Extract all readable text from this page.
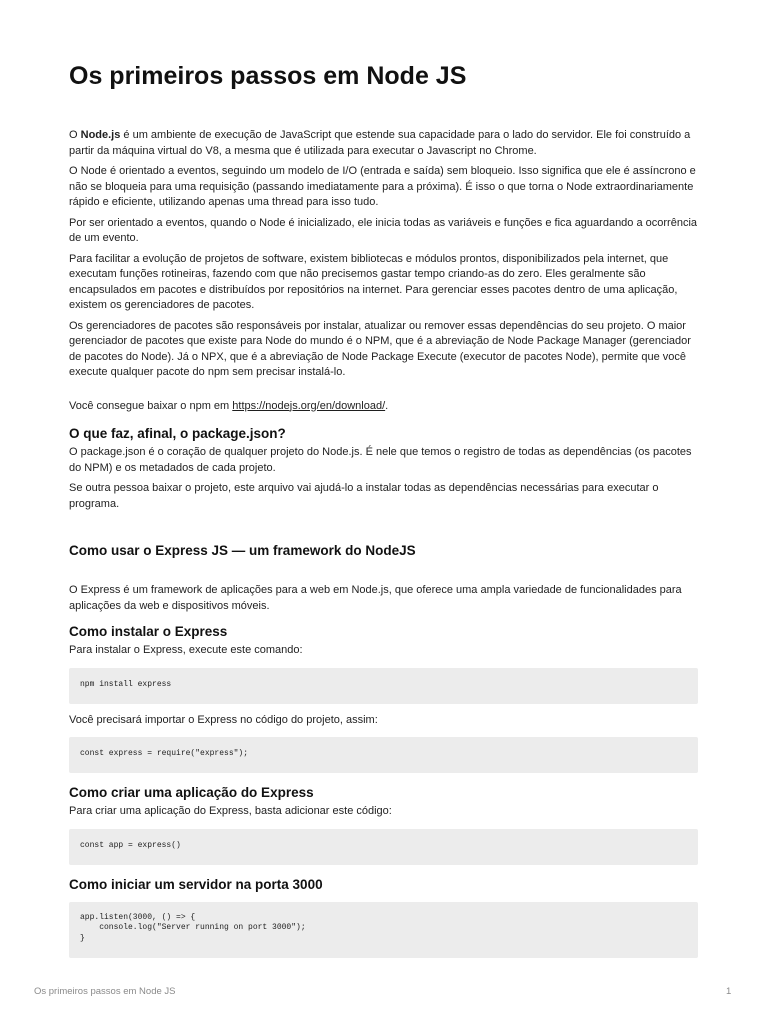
Os primeiros passos em Node JS

O Node.js é um ambiente de execução de JavaScript que estende sua capacidade para o lado do servidor. Ele foi construído a partir da máquina virtual do V8, a mesma que é utilizada para executar o Javascript no Chrome.

O Node é orientado a eventos, seguindo um modelo de I/O (entrada e saída) sem bloqueio. Isso significa que ele é assíncrono e não se bloqueia para uma requisição (passando imediatamente para a próxima). É isso o que torna o Node extraordinariamente rápido e eficiente, utilizando apenas uma thread para isso tudo.

Por ser orientado a eventos, quando o Node é inicializado, ele inicia todas as variáveis e funções e fica aguardando a ocorrência de um evento.

Para facilitar a evolução de projetos de software, existem bibliotecas e módulos prontos, disponibilizados pela internet, que executam funções rotineiras, fazendo com que não precisemos gastar tempo criando-as do zero. Eles geralmente são encapsulados em pacotes e distribuídos por repositórios na internet. Para gerenciar esses pacotes dentro de uma aplicação, existem os gerenciadores de pacotes.

Os gerenciadores de pacotes são responsáveis por instalar, atualizar ou remover essas dependências do seu projeto. O maior gerenciador de pacotes que existe para Node do mundo é o NPM, que é a abreviação de Node Package Manager (gerenciador de pacotes do Node). Já o NPX, que é a abreviação de Node Package Execute (executor de pacotes Node), permite que você execute qualquer pacote do npm sem precisar instalá-lo.

Você consegue baixar o npm em https://nodejs.org/en/download/.

O que faz, afinal, o package.json?

O package.json é o coração de qualquer projeto do Node.js. É nele que temos o registro de todas as dependências (os pacotes do NPM) e os metadados de cada projeto.

Se outra pessoa baixar o projeto, este arquivo vai ajudá-lo a instalar todas as dependências necessárias para executar o programa.

Como usar o Express JS — um framework do NodeJS

O Express é um framework de aplicações para a web em Node.js, que oferece uma ampla variedade de funcionalidades para aplicações da web e dispositivos móveis.

Como instalar o Express

Para instalar o Express, execute este comando:

npm install express

Você precisará importar o Express no código do projeto, assim:

const express = require("express");
Como criar uma aplicação do Express

Para criar uma aplicação do Express, basta adicionar este código:

const app = express()
Como iniciar um servidor na porta 3000
app.listen(3000, () => {
console.log("Server running on port 3000");
}
Os primeiros passos em Node JS	1
